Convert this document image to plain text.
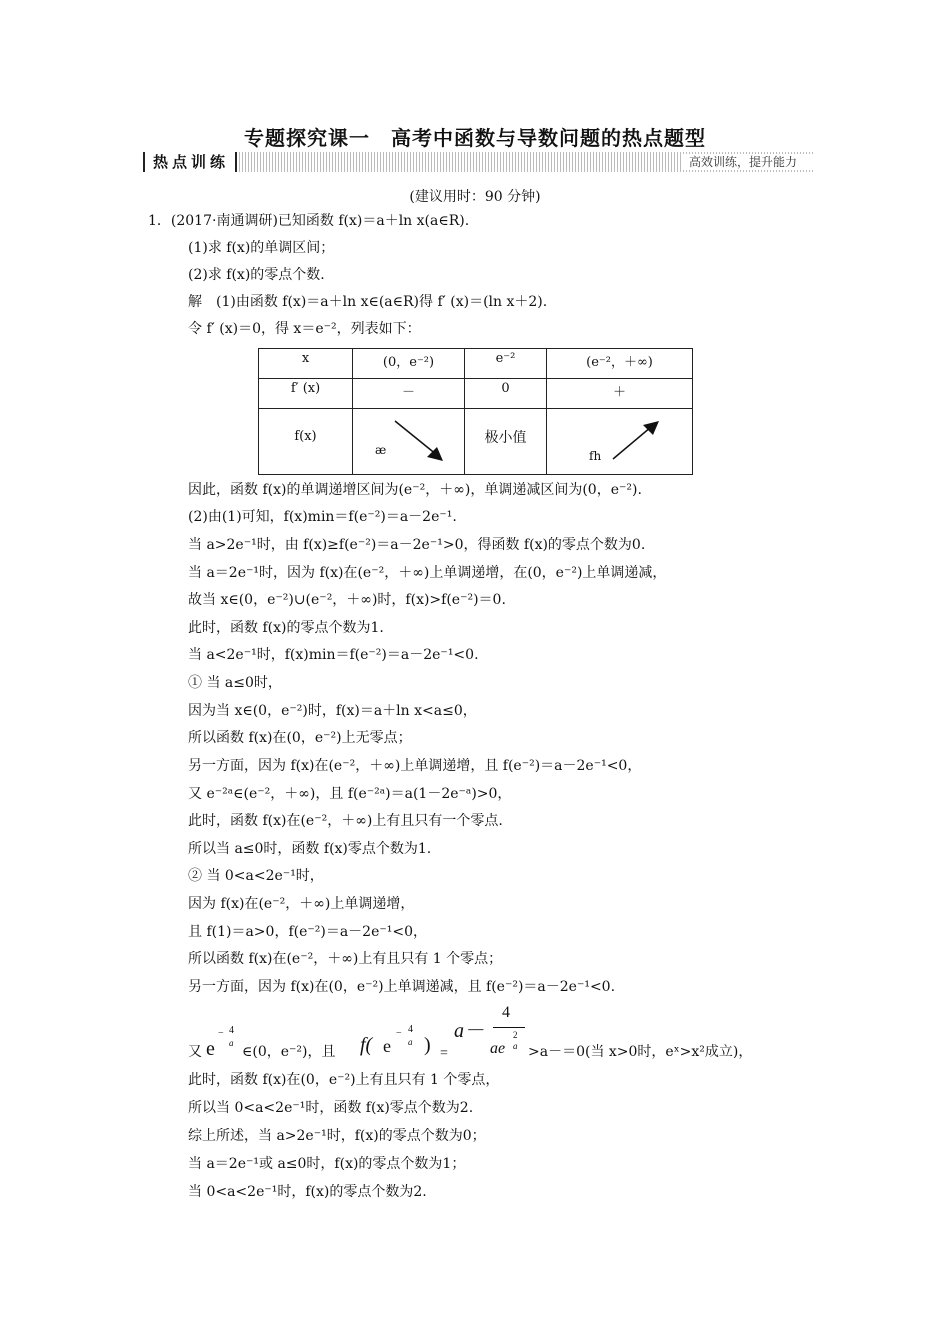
专题探究课一　高考中函数与导数问题的热点题型
热点训练	高效训练，提升能力
(建议用时：90 分钟)
1．(2017·南通调研)已知函数 f(x)＝a＋ln x(a∈R).
(1)求 f(x)的单调区间；
(2)求 f(x)的零点个数.
解　(1)由函数 f(x)＝a＋ln x∈(a∈R)得 f′ (x)＝(ln x＋2).
令 f′ (x)＝0，得 x＝e⁻²，列表如下：
x	(0，e⁻²)	e⁻²	(e⁻²，＋∞)
f′ (x)	－	0	＋
f(x)	æ	极小值	fh
因此，函数 f(x)的单调递增区间为(e⁻²，＋∞)，单调递减区间为(0，e⁻²).
(2)由(1)可知，f(x)min＝f(e⁻²)＝a－2e⁻¹.
当 a>2e⁻¹时，由 f(x)≥f(e⁻²)＝a－2e⁻¹>0，得函数 f(x)的零点个数为0.
当 a＝2e⁻¹时，因为 f(x)在(e⁻²，＋∞)上单调递增，在(0，e⁻²)上单调递减，
故当 x∈(0，e⁻²)∪(e⁻²，＋∞)时，f(x)>f(e⁻²)＝0.
此时，函数 f(x)的零点个数为1.
当 a<2e⁻¹时，f(x)min＝f(e⁻²)＝a－2e⁻¹<0.
① 当 a≤0时，
因为当 x∈(0，e⁻²)时，f(x)＝a＋ln x<a≤0，
所以函数 f(x)在(0，e⁻²)上无零点；
另一方面，因为 f(x)在(e⁻²，＋∞)上单调递增，且 f(e⁻²)＝a－2e⁻¹<0，
又 e⁻²ᵃ∈(e⁻²，＋∞)，且 f(e⁻²ᵃ)＝a(1－2e⁻ᵃ)>0，
此时，函数 f(x)在(e⁻²，＋∞)上有且只有一个零点.
所以当 a≤0时，函数 f(x)零点个数为1.
② 当 0<a<2e⁻¹时，
因为 f(x)在(e⁻²，＋∞)上单调递增，
且 f(1)＝a>0，f(e⁻²)＝a－2e⁻¹<0，
所以函数 f(x)在(e⁻²，＋∞)上有且只有 1 个零点；
另一方面，因为 f(x)在(0，e⁻²)上单调递减，且 f(e⁻²)＝a－2e⁻¹<0.
又 e
− 4
a
∈(0，e⁻²)，且 f( e
− 4
a ) =
a－
4
ae
2
a >a－＝0(当 x>0时，eˣ>x²成立)，
此时，函数 f(x)在(0，e⁻²)上有且只有 1 个零点，
所以当 0<a<2e⁻¹时，函数 f(x)零点个数为2.
综上所述，当 a>2e⁻¹时，f(x)的零点个数为0；
当 a＝2e⁻¹或 a≤0时，f(x)的零点个数为1；
当 0<a<2e⁻¹时，f(x)的零点个数为2.
